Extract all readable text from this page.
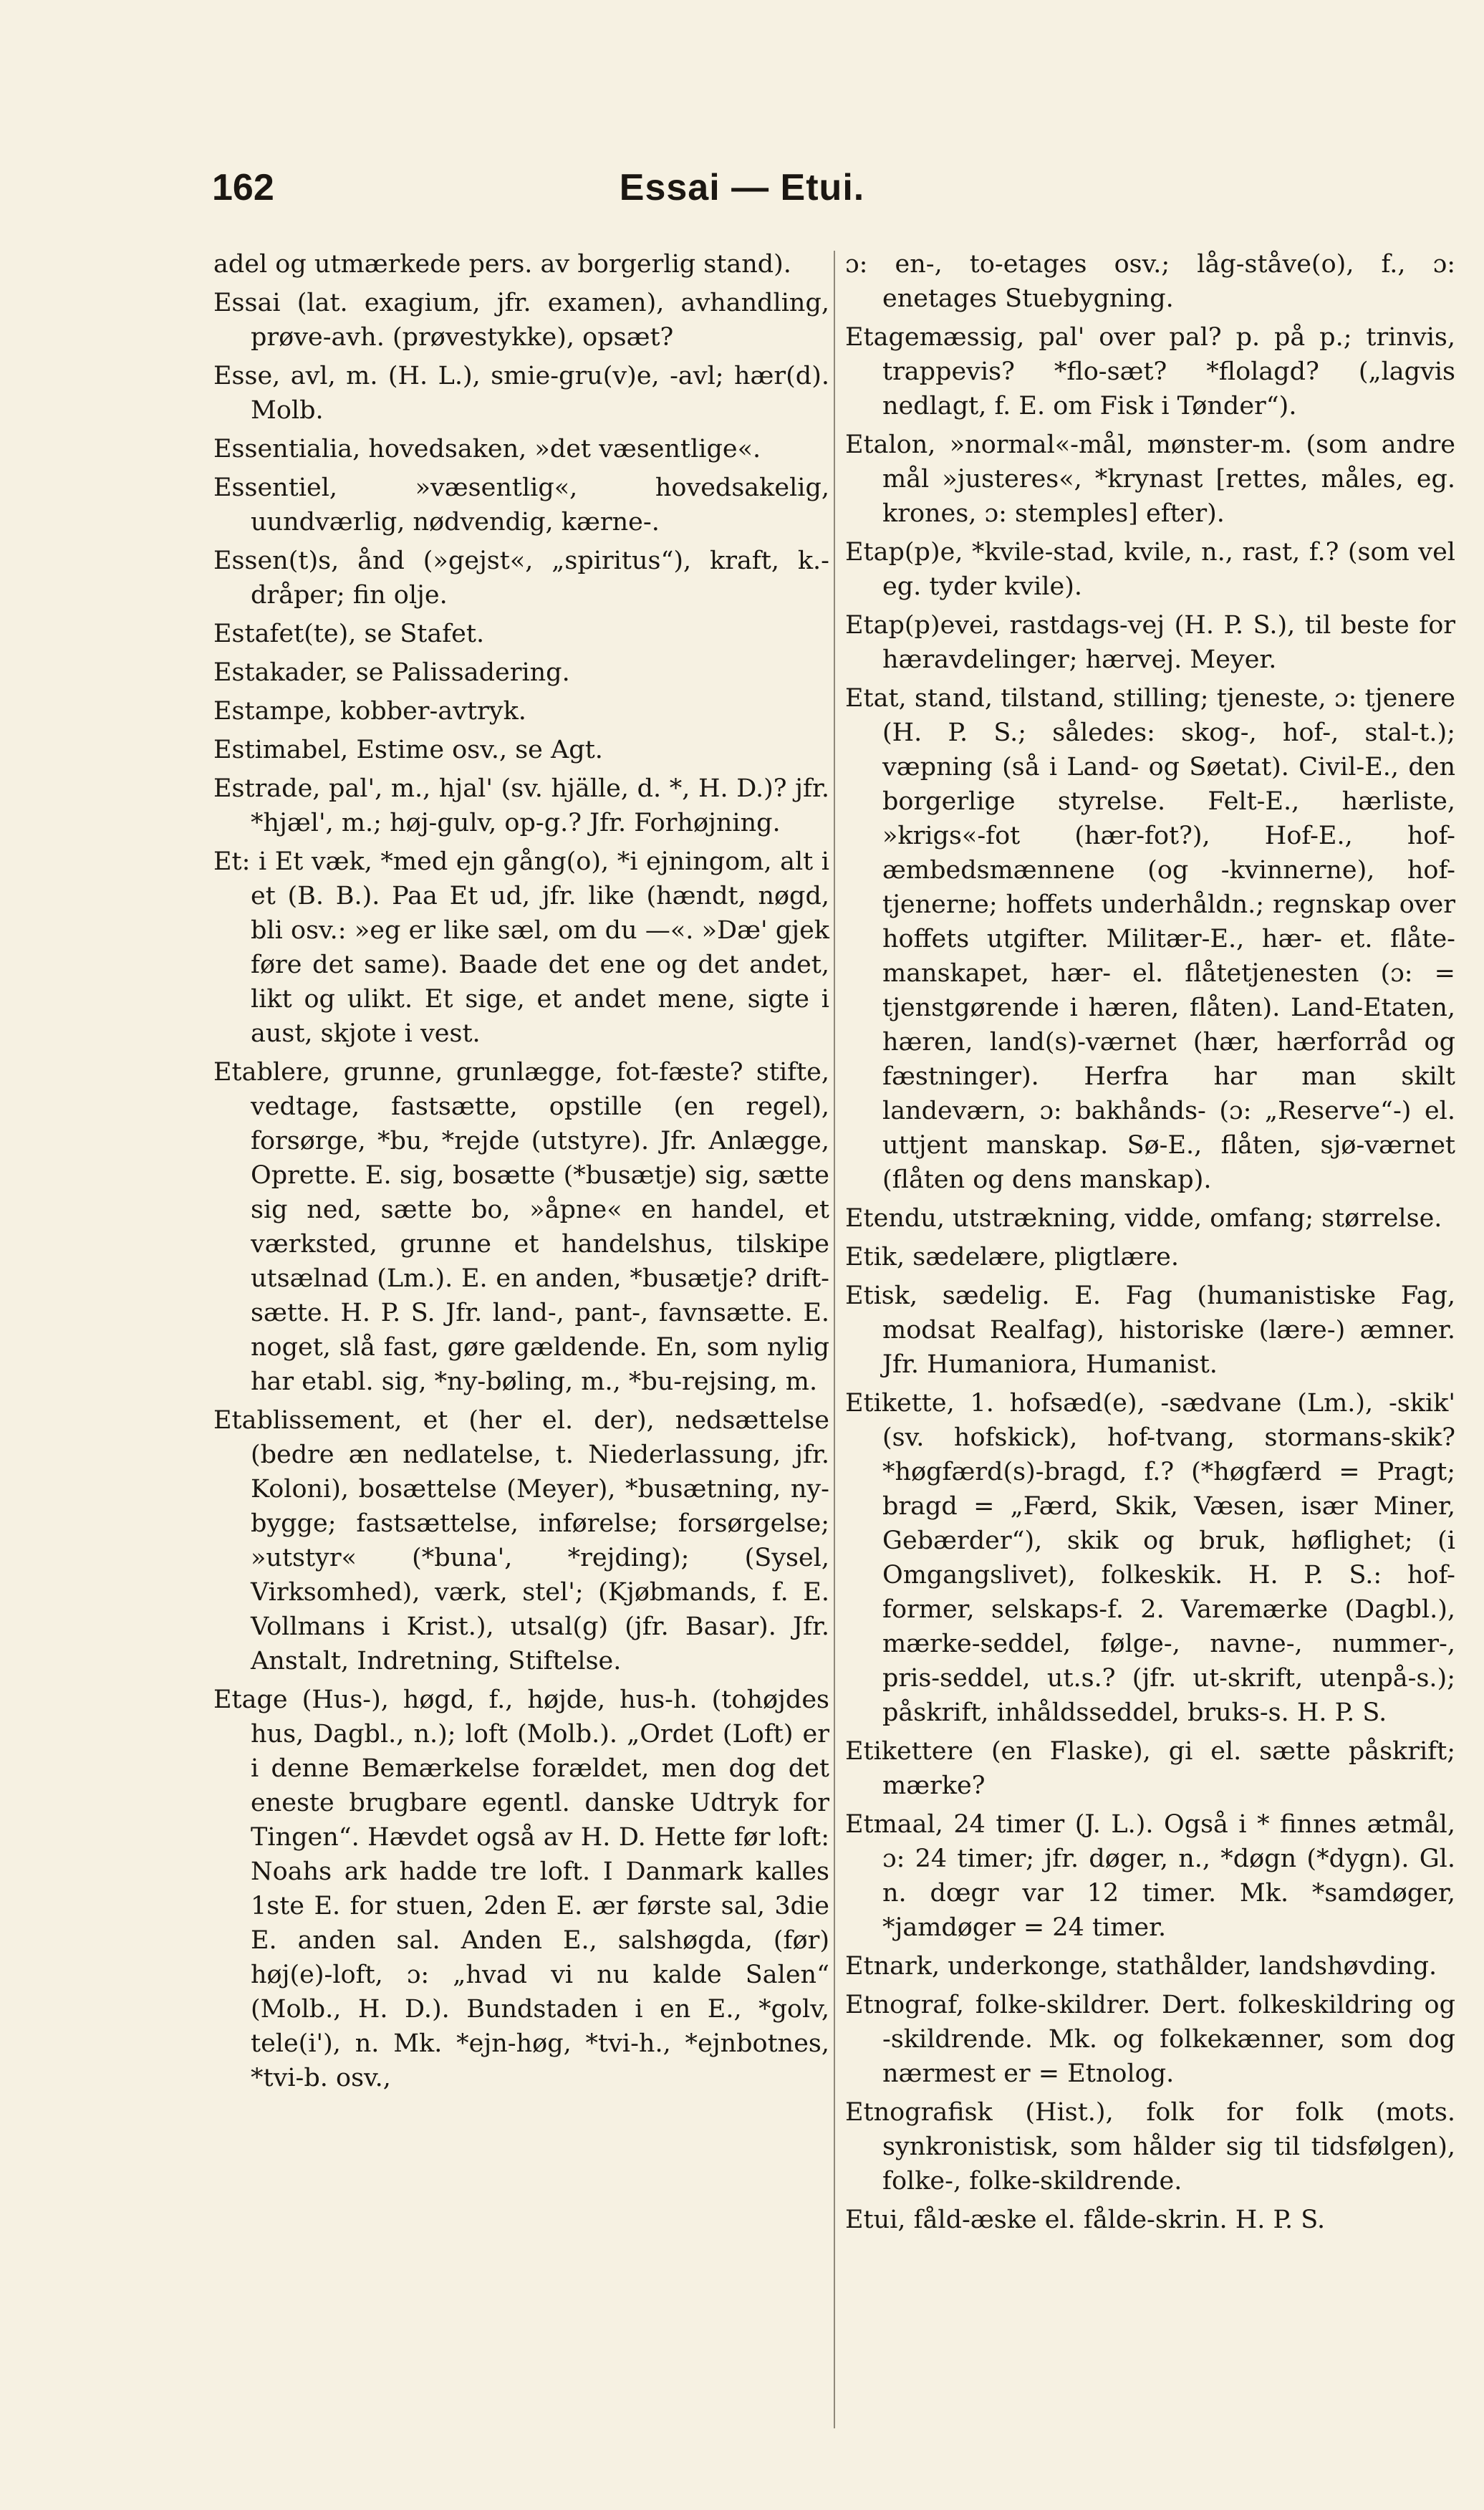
162	Essai — Etui.

adel og utmærkede pers. av borgerlig stand).

Essai (lat. exagium, jfr. examen), avhandling, prøve-avh. (prøvestykke), opsæt?

Esse, avl, m. (H. L.), smie-gru(v)e, -avl; hær(d). Molb.

Essentialia, hovedsaken, »det væsentlige«.

Essentiel, »væsentlig«, hovedsakelig, uundværlig, nødvendig, kærne-.

Essen(t)s, ånd (»gejst«, „spiritus“), kraft, k.-dråper; fin olje.

Estafet(te), se Stafet.

Estakader, se Palissadering.

Estampe, kobber-avtryk.

Estimabel, Estime osv., se Agt.

Estrade, pal', m., hjal' (sv. hjälle, d. *, H. D.)? jfr. *hjæl', m.; høj-gulv, op-g.? Jfr. Forhøjning.

Et: i Et væk, *med ejn gång(o), *i ejningom, alt i et (B. B.). Paa Et ud, jfr. like (hændt, nøgd, bli osv.: »eg er like sæl, om du —«. »Dæ' gjek føre det same). Baade det ene og det andet, likt og ulikt. Et sige, et andet mene, sigte i aust, skjote i vest.

Etablere, grunne, grunlægge, fot-fæste? stifte, vedtage, fastsætte, opstille (en regel), forsørge, *bu, *rejde (utstyre). Jfr. Anlægge, Oprette. E. sig, bosætte (*busætje) sig, sætte sig ned, sætte bo, »åpne« en handel, et værksted, grunne et handelshus, tilskipe utsælnad (Lm.). E. en anden, *busætje? drift-sætte. H. P. S. Jfr. land-, pant-, favnsætte. E. noget, slå fast, gøre gældende. En, som nylig har etabl. sig, *ny-bøling, m., *bu-rejsing, m.

Etablissement, et (her el. der), nedsættelse (bedre æn nedlatelse, t. Niederlassung, jfr. Koloni), bosættelse (Meyer), *busætning, ny-bygge; fastsættelse, inførelse; forsørgelse; »utstyr« (*buna', *rejding); (Sysel, Virksomhed), værk, stel'; (Kjøbmands, f. E. Vollmans i Krist.), utsal(g) (jfr. Basar). Jfr. Anstalt, Indretning, Stiftelse.

Etage (Hus-), høgd, f., højde, hus-h. (tohøjdes hus, Dagbl., n.); loft (Molb.). „Ordet (Loft) er i denne Bemærkelse forældet, men dog det eneste brugbare egentl. danske Udtryk for Tingen“. Hævdet også av H. D. Hette før loft: Noahs ark hadde tre loft. I Danmark kalles 1ste E. for stuen, 2den E. ær første sal, 3die E. anden sal. Anden E., salshøgda, (før) høj(e)-loft, ɔ: „hvad vi nu kalde Salen“ (Molb., H. D.). Bundstaden i en E., *golv, tele(i'), n. Mk. *ejn-høg, *tvi-h., *ejnbotnes, *tvi-b. osv.,

ɔ: en-, to-etages osv.; låg-ståve(o), f., ɔ: enetages Stuebygning.

Etagemæssig, pal' over pal? p. på p.; trinvis, trappevis? *flo-sæt? *flolagd? („lagvis nedlagt, f. E. om Fisk i Tønder“).

Etalon, »normal«-mål, mønster-m. (som andre mål »justeres«, *krynast [rettes, måles, eg. krones, ɔ: stemples] efter).

Etap(p)e, *kvile-stad, kvile, n., rast, f.? (som vel eg. tyder kvile).

Etap(p)evei, rastdags-vej (H. P. S.), til beste for hæravdelinger; hærvej. Meyer.

Etat, stand, tilstand, stilling; tjeneste, ɔ: tjenere (H. P. S.; således: skog-, hof-, stal-t.); væpning (så i Land- og Søetat). Civil-E., den borgerlige styrelse. Felt-E., hærliste, »krigs«-fot (hær-fot?), Hof-E., hof-æmbedsmænnene (og -kvinnerne), hof-tjenerne; hoffets underhåldn.; regnskap over hoffets utgifter. Militær-E., hær- et. flåte-manskapet, hær- el. flåtetjenesten (ɔ: = tjenstgørende i hæren, flåten). Land-Etaten, hæren, land(s)-værnet (hær, hærforråd og fæstninger). Herfra har man skilt landeværn, ɔ: bakhånds- (ɔ: „Reserve“-) el. uttjent manskap. Sø-E., flåten, sjø-værnet (flåten og dens manskap).

Etendu, utstrækning, vidde, omfang; størrelse.

Etik, sædelære, pligtlære.

Etisk, sædelig. E. Fag (humanistiske Fag, modsat Realfag), historiske (lære-) æmner. Jfr. Humaniora, Humanist.

Etikette, 1. hofsæd(e), -sædvane (Lm.), -skik' (sv. hofskick), hof-tvang, stormans-skik? *høgfærd(s)-bragd, f.? (*høgfærd = Pragt; bragd = „Færd, Skik, Væsen, især Miner, Gebærder“), skik og bruk, høflighet; (i Omgangslivet), folkeskik. H. P. S.: hof-former, selskaps-f. 2. Varemærke (Dagbl.), mærke-seddel, følge-, navne-, nummer-, pris-seddel, ut.s.? (jfr. ut-skrift, utenpå-s.); påskrift, inhåldsseddel, bruks-s. H. P. S.

Etikettere (en Flaske), gi el. sætte påskrift; mærke?

Etmaal, 24 timer (J. L.). Også i * finnes ætmål, ɔ: 24 timer; jfr. døger, n., *døgn (*dygn). Gl. n. dœgr var 12 timer. Mk. *samdøger, *jamdøger = 24 timer.

Etnark, underkonge, stathålder, landshøvding.

Etnograf, folke-skildrer. Dert. folkeskildring og -skildrende. Mk. og folkekænner, som dog nærmest er = Etnolog.

Etnografisk (Hist.), folk for folk (mots. synkronistisk, som hålder sig til tidsfølgen), folke-, folke-skildrende.

Etui, fåld-æske el. fålde-skrin. H. P. S.
